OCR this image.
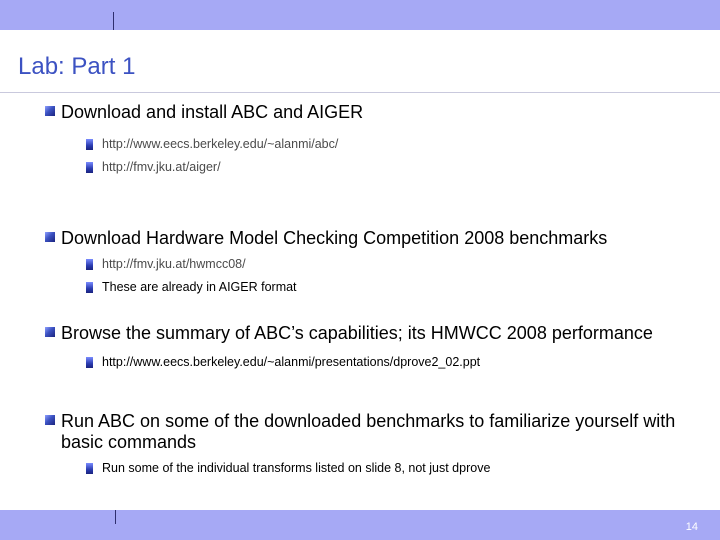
Lab: Part 1
Download and install ABC and AIGER
http://www.eecs.berkeley.edu/~alanmi/abc/
http://fmv.jku.at/aiger/
Download Hardware Model Checking Competition 2008 benchmarks
http://fmv.jku.at/hwmcc08/
These are already in AIGER format
Browse the summary of ABC’s capabilities; its HMWCC 2008 performance
http://www.eecs.berkeley.edu/~alanmi/presentations/dprove2_02.ppt
Run ABC on some of the downloaded benchmarks to familiarize yourself with basic commands
Run some of the individual transforms listed on slide 8, not just dprove
14
